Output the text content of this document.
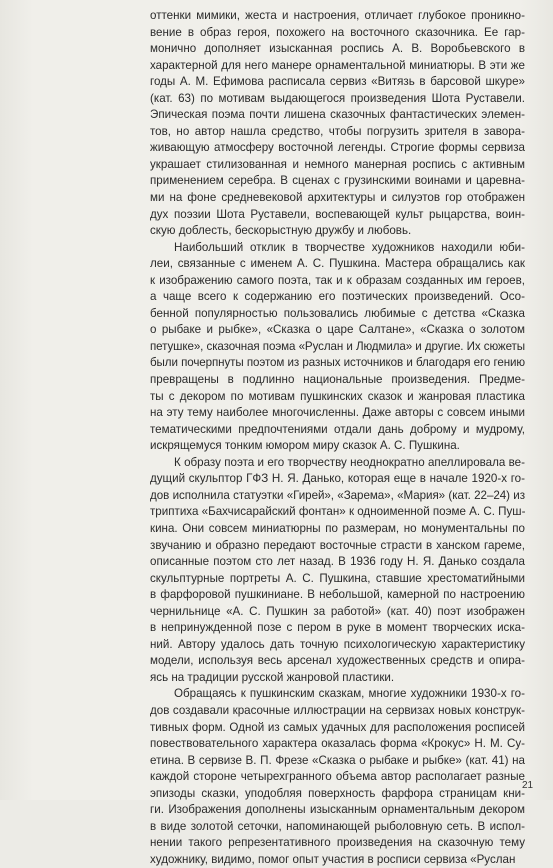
оттенки мимики, жеста и настроения, отличает глубокое проникно-
вение в образ героя, похожего на восточного сказочника. Ее гар-
монично дополняет изысканная роспись А. В. Воробьевского в
характерной для него манере орнаментальной миниатюры. В эти же
годы А. М. Ефимова расписала сервиз «Витязь в барсовой шкуре»
(кат. 63) по мотивам выдающегося произведения Шота Руставели.
Эпическая поэма почти лишена сказочных фантастических элемен-
тов, но автор нашла средство, чтобы погрузить зрителя в завора-
живающую атмосферу восточной легенды. Строгие формы сервиза
украшает стилизованная и немного манерная роспись с активным
применением серебра. В сценах с грузинскими воинами и царевна-
ми на фоне средневековой архитектуры и силуэтов гор отображен
дух поэзии Шота Руставели, воспевающей культ рыцарства, воин-
скую доблесть, бескорыстную дружбу и любовь.

Наибольший отклик в творчестве художников находили юби-
леи, связанные с именем А. С. Пушкина. Мастера обращались как
к изображению самого поэта, так и к образам созданных им героев,
а чаще всего к содержанию его поэтических произведений. Осо-
бенной популярностью пользовались любимые с детства «Сказка
о рыбаке и рыбке», «Сказка о царе Салтане», «Сказка о золотом
петушке», сказочная поэма «Руслан и Людмила» и другие. Их сюжеты
были почерпнуты поэтом из разных источников и благодаря его гению
превращены в подлинно национальные произведения. Предме-
ты с декором по мотивам пушкинских сказок и жанровая пластика
на эту тему наиболее многочисленны. Даже авторы с совсем иными
тематическими предпочтениями отдали дань доброму и мудрому,
искрящемуся тонким юмором миру сказок А. С. Пушкина.

К образу поэта и его творчеству неоднократно апеллировала ве-
дущий скульптор ГФЗ Н. Я. Данько, которая еще в начале 1920-х го-
дов исполнила статуэтки «Гирей», «Зарема», «Мария» (кат. 22–24) из
триптиха «Бахчисарайский фонтан» к одноименной поэме А. С. Пуш-
кина. Они совсем миниатюрны по размерам, но монументальны по
звучанию и образно передают восточные страсти в ханском гареме,
описанные поэтом сто лет назад. В 1936 году Н. Я. Данько создала
скульптурные портреты А. С. Пушкина, ставшие хрестоматийными
в фарфоровой пушкиниане. В небольшой, камерной по настроению
чернильнице «А. С. Пушкин за работой» (кат. 40) поэт изображен
в непринужденной позе с пером в руке в момент творческих иска-
ний. Автору удалось дать точную психологическую характеристику
модели, используя весь арсенал художественных средств и опира-
ясь на традиции русской жанровой пластики.

Обращаясь к пушкинским сказкам, многие художники 1930-х го-
дов создавали красочные иллюстрации на сервизах новых конструк-
тивных форм. Одной из самых удачных для расположения росписей
повествовательного характера оказалась форма «Крокус» Н. М. Су-
етина. В сервизе В. П. Фрезе «Сказка о рыбаке и рыбке» (кат. 41) на
каждой стороне четырехгранного объема автор располагает разные
эпизоды сказки, уподобляя поверхность фарфора страницам кни-
ги. Изображения дополнены изысканным орнаментальным декором
в виде золотой сеточки, напоминающей рыболовную сеть. В испол-
нении такого репрезентативного произведения на сказочную тему
художнику, видимо, помог опыт участия в росписи сервиза «Руслан

21
